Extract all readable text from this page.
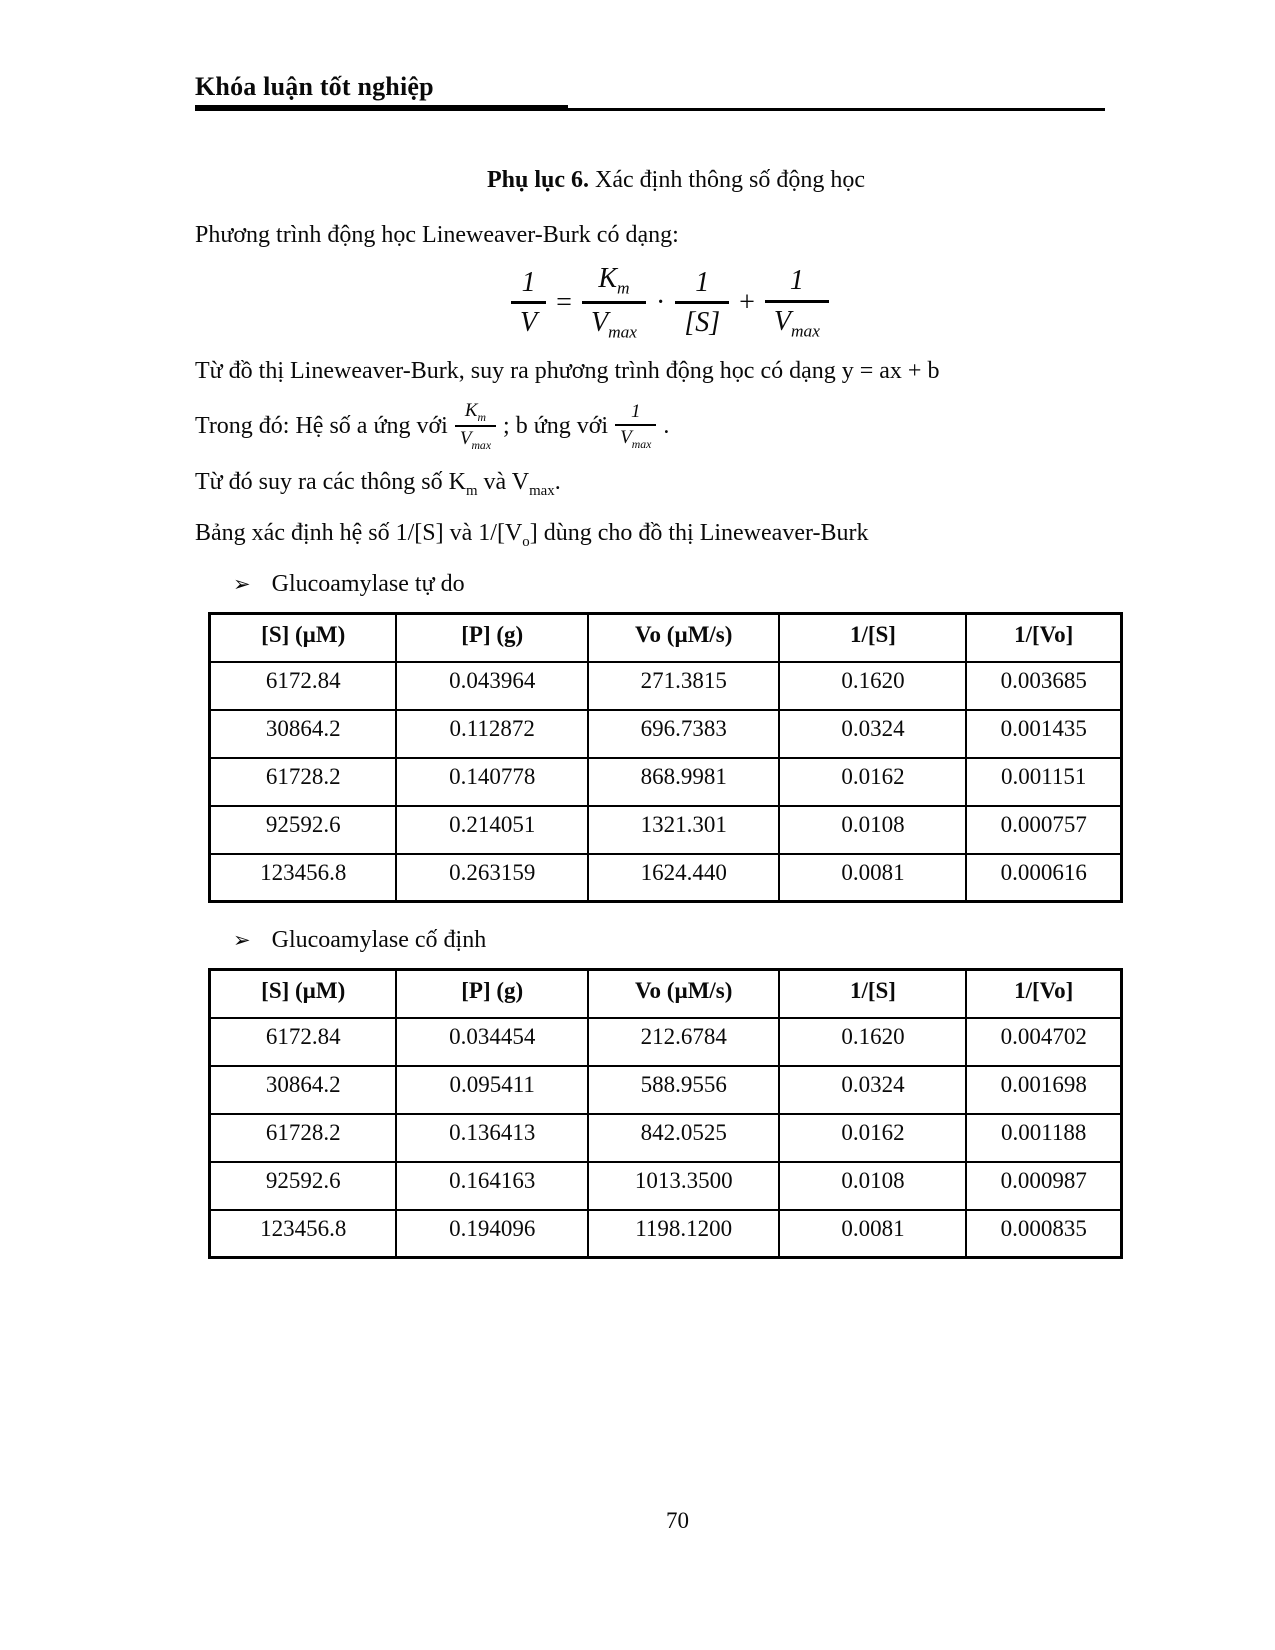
Khóa luận tốt nghiệp
Phụ lục 6. Xác định thông số động học
Phương trình động học Lineweaver-Burk có dạng:
$\frac{1}{V} = \frac{K_m}{V_{max}} \cdot \frac{1}{[S]} + \frac{1}{V_{max}}$
Từ đồ thị Lineweaver-Burk, suy ra phương trình động học có dạng y = ax + b
Trong đó: Hệ số a ứng với $\frac{K_m}{V_{max}}$ ; b ứng với $\frac{1}{V_{max}}$ .
Từ đó suy ra các thông số $K_m$ và $V_{max}$.
Bảng xác định hệ số 1/[S] và $1/[V_o]$ dùng cho đồ thị Lineweaver-Burk
➢ Glucoamylase tự do
[S] (µM)	[P] (g)	Vo (µM/s)	1/[S]	1/[Vo]
6172.84	0.043964	271.3815	0.1620	0.003685
30864.2	0.112872	696.7383	0.0324	0.001435
61728.2	0.140778	868.9981	0.0162	0.001151
92592.6	0.214051	1321.301	0.0108	0.000757
123456.8	0.263159	1624.440	0.0081	0.000616
➢ Glucoamylase cố định
[S] (µM)	[P] (g)	Vo (µM/s)	1/[S]	1/[Vo]
6172.84	0.034454	212.6784	0.1620	0.004702
30864.2	0.095411	588.9556	0.0324	0.001698
61728.2	0.136413	842.0525	0.0162	0.001188
92592.6	0.164163	1013.3500	0.0108	0.000987
123456.8	0.194096	1198.1200	0.0081	0.000835
70
